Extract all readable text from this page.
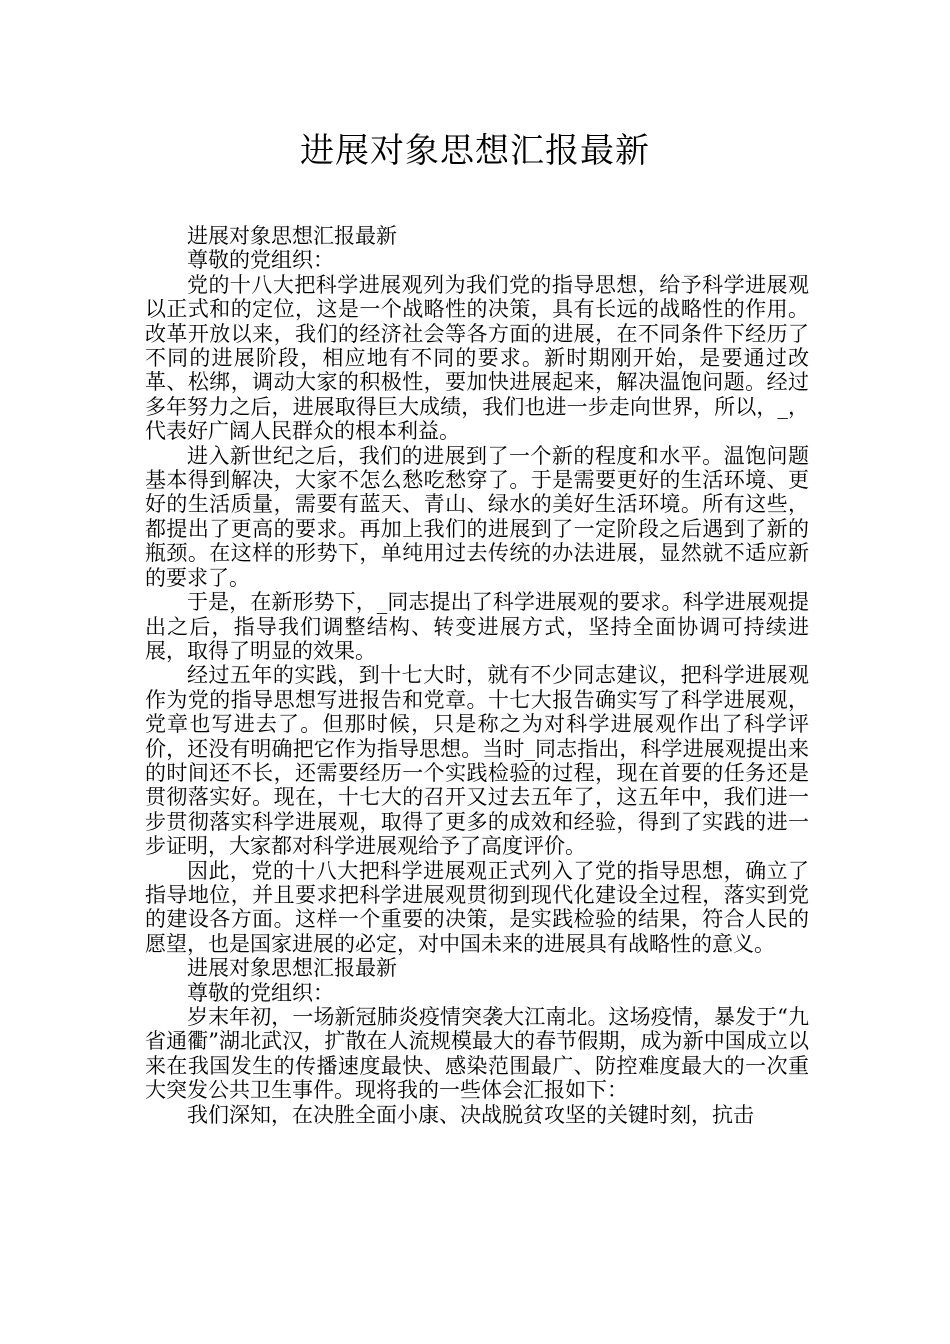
进展对象思想汇报最新

进展对象思想汇报最新

尊敬的党组织：

党的十八大把科学进展观列为我们党的指导思想，给予科学进展观以正式和的定位，这是一个战略性的决策，具有长远的战略性的作用。改革开放以来，我们的经济社会等各方面的进展，在不同条件下经历了不同的进展阶段，相应地有不同的要求。新时期刚开始，是要通过改革、松绑，调动大家的积极性，要加快进展起来，解决温饱问题。经过多年努力之后，进展取得巨大成绩，我们也进一步走向世界，所以，_，代表好广阔人民群众的根本利益。

进入新世纪之后，我们的进展到了一个新的程度和水平。温饱问题基本得到解决，大家不怎么愁吃愁穿了。于是需要更好的生活环境、更好的生活质量，需要有蓝天、青山、绿水的美好生活环境。所有这些，都提出了更高的要求。再加上我们的进展到了一定阶段之后遇到了新的瓶颈。在这样的形势下，单纯用过去传统的办法进展，显然就不适应新的要求了。

于是，在新形势下，_同志提出了科学进展观的要求。科学进展观提出之后，指导我们调整结构、转变进展方式，坚持全面协调可持续进展，取得了明显的效果。

经过五年的实践，到十七大时，就有不少同志建议，把科学进展观作为党的指导思想写进报告和党章。十七大报告确实写了科学进展观，党章也写进去了。但那时候，只是称之为对科学进展观作出了科学评价，还没有明确把它作为指导思想。当时_同志指出，科学进展观提出来的时间还不长，还需要经历一个实践检验的过程，现在首要的任务还是贯彻落实好。现在，十七大的召开又过去五年了，这五年中，我们进一步贯彻落实科学进展观，取得了更多的成效和经验，得到了实践的进一步证明，大家都对科学进展观给予了高度评价。

因此，党的十八大把科学进展观正式列入了党的指导思想，确立了指导地位，并且要求把科学进展观贯彻到现代化建设全过程，落实到党的建设各方面。这样一个重要的决策，是实践检验的结果，符合人民的愿望，也是国家进展的必定，对中国未来的进展具有战略性的意义。

进展对象思想汇报最新

尊敬的党组织：

岁末年初，一场新冠肺炎疫情突袭大江南北。这场疫情，暴发于“九省通衢”湖北武汉，扩散在人流规模最大的春节假期，成为新中国成立以来在我国发生的传播速度最快、感染范围最广、防控难度最大的一次重大突发公共卫生事件。现将我的一些体会汇报如下：

我们深知，在决胜全面小康、决战脱贫攻坚的关键时刻，抗击
